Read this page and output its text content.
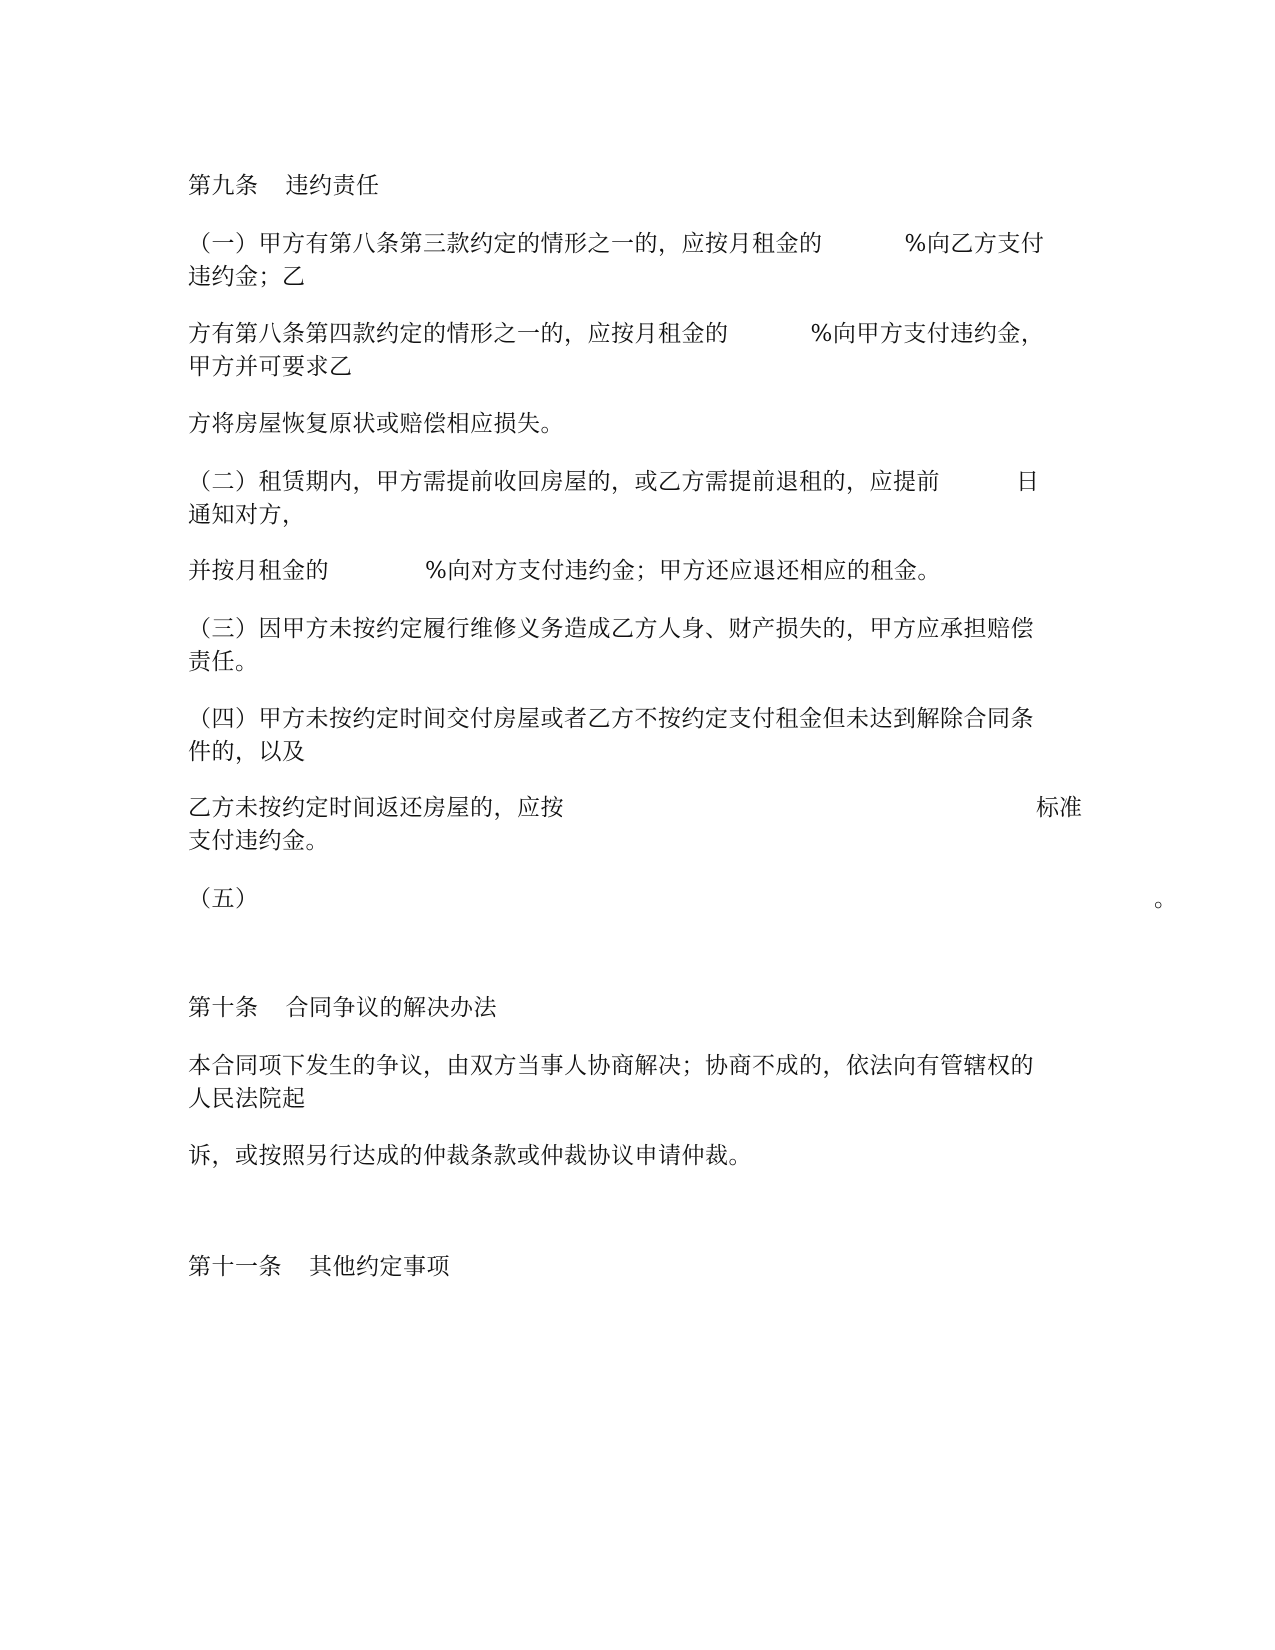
第九条 违约责任
（一）甲方有第八条第三款约定的情形之一的，应按月租金的	%向乙方支付
违约金；乙
方有第八条第四款约定的情形之一的，应按月租金的	%向甲方支付违约金，
甲方并可要求乙
方将房屋恢复原状或赔偿相应损失。
（二）租赁期内，甲方需提前收回房屋的，或乙方需提前退租的，应提前	日
通知对方，
并按月租金的	%向对方支付违约金；甲方还应退还相应的租金。
（三）因甲方未按约定履行维修义务造成乙方人身、财产损失的，甲方应承担赔偿
责任。
（四）甲方未按约定时间交付房屋或者乙方不按约定支付租金但未达到解除合同条
件的，以及
乙方未按约定时间返还房屋的，应按	标准
支付违约金。
（五）	。
第十条 合同争议的解决办法
本合同项下发生的争议，由双方当事人协商解决；协商不成的，依法向有管辖权的
人民法院起
诉，或按照另行达成的仲裁条款或仲裁协议申请仲裁。
第十一条 其他约定事项
